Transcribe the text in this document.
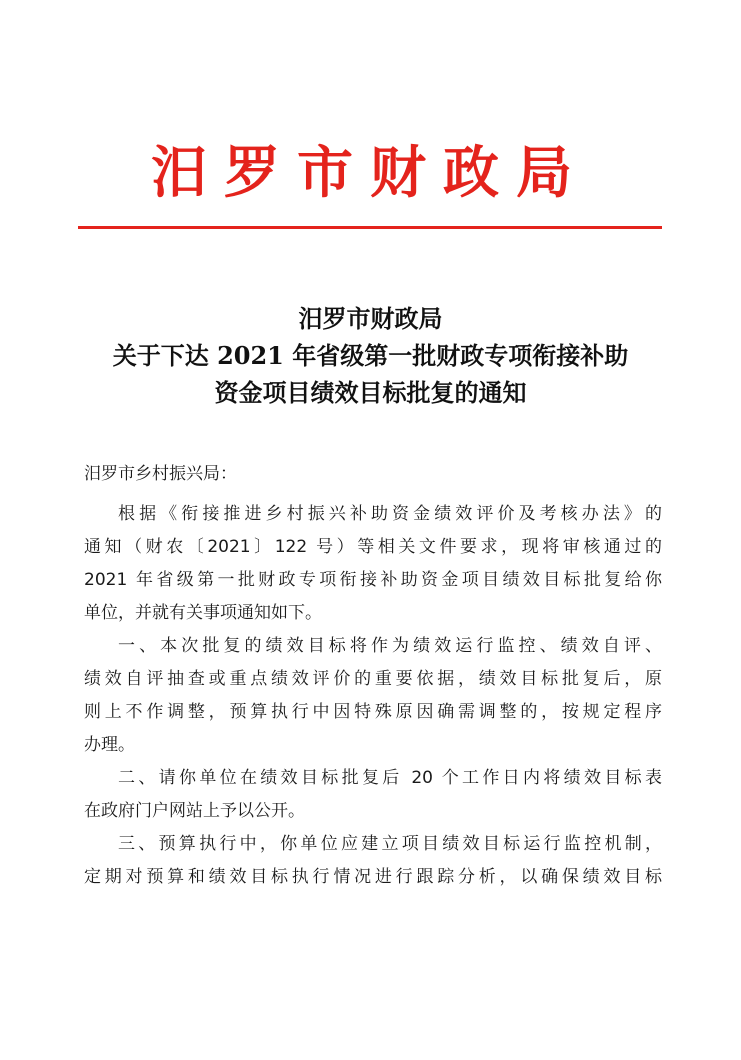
汨罗市财政局
汨罗市财政局
关于下达 2021 年省级第一批财政专项衔接补助
资金项目绩效目标批复的通知
汨罗市乡村振兴局：
根据《衔接推进乡村振兴补助资金绩效评价及考核办法》的
通知（财农〔2021〕122 号）等相关文件要求，现将审核通过的
2021 年省级第一批财政专项衔接补助资金项目绩效目标批复给你
单位，并就有关事项通知如下。
一、本次批复的绩效目标将作为绩效运行监控、绩效自评、
绩效自评抽查或重点绩效评价的重要依据，绩效目标批复后，原
则上不作调整，预算执行中因特殊原因确需调整的，按规定程序
办理。
二、请你单位在绩效目标批复后 20 个工作日内将绩效目标表
在政府门户网站上予以公开。
三、预算执行中，你单位应建立项目绩效目标运行监控机制，
定期对预算和绩效目标执行情况进行跟踪分析，以确保绩效目标
